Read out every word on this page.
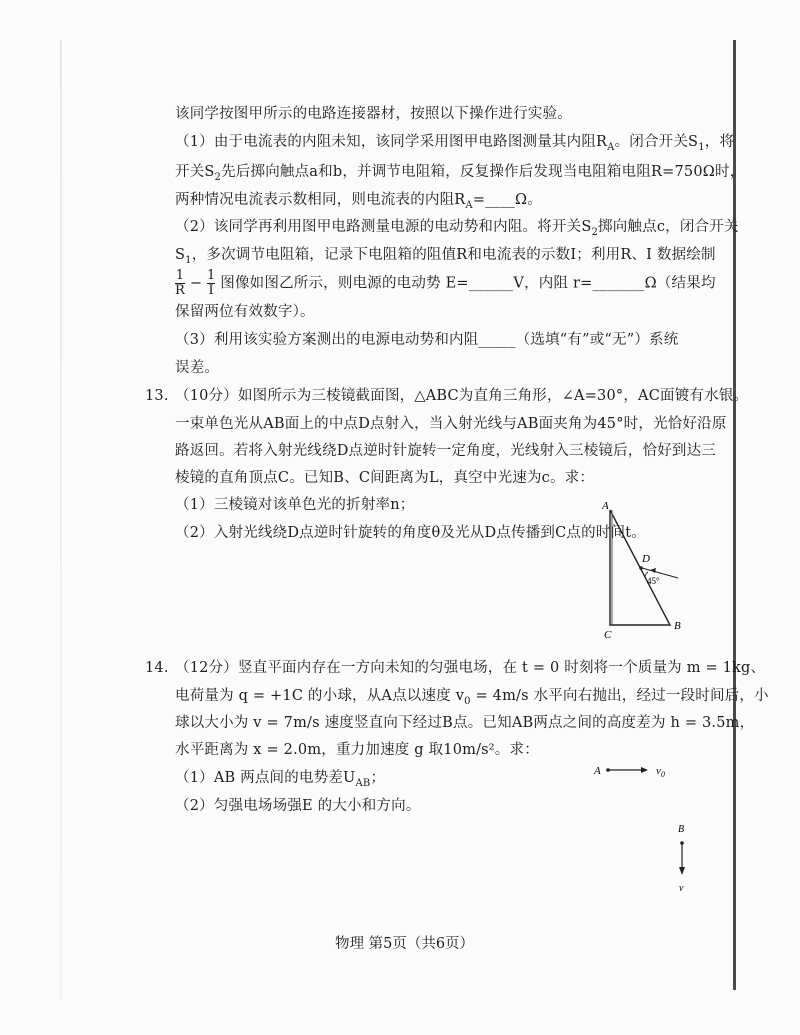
该同学按图甲所示的电路连接器材，按照以下操作进行实验。
（1）由于电流表的内阻未知，该同学采用图甲电路图测量其内阻$R_A$。闭合开关$S_1$，将
开关$S_2$先后掷向触点a和b，并调节电阻箱，反复操作后发现当电阻箱电阻R=750Ω时，
两种情况电流表示数相同，则电流表的内阻$R_A=\_\_\_\_\Omega$。
（2）该同学再利用图甲电路测量电源的电动势和内阻。将开关$S_2$掷向触点c，闭合开关
$S_1$，多次调节电阻箱，记录下电阻箱的阻值R和电流表的示数I；利用R、I 数据绘制
$\frac{1}{R} - \frac{1}{I}$ 图像如图乙所示，则电源的电动势 E=______V，内阻 r=_______Ω（结果均
保留两位有效数字）。
（3）利用该实验方案测出的电源电动势和内阻_____（选填“有”或“无”）系统
误差。
13. （10分）如图所示为三棱镜截面图，△ABC为直角三角形，∠A=30°，AC面镀有水银。
一束单色光从AB面上的中点D点射入，当入射光线与AB面夹角为45°时，光恰好沿原
路返回。若将入射光线绕D点逆时针旋转一定角度，光线射入三棱镜后，恰好到达三
棱镜的直角顶点C。已知B、C间距离为L，真空中光速为c。求：
（1）三棱镜对该单色光的折射率n；
（2）入射光线绕D点逆时针旋转的角度θ及光从D点传播到C点的时间t。
A
B
C
D
45°
14. （12分）竖直平面内存在一方向未知的匀强电场，在 t = 0 时刻将一个质量为 m = 1kg、
电荷量为 q = +1C 的小球，从A点以速度 $v_0 = 4m/s$ 水平向右抛出，经过一段时间后，小
球以大小为 v = 7m/s 速度竖直向下经过B点。已知AB两点之间的高度差为 h = 3.5m，
水平距离为 x = 2.0m，重力加速度 g 取10m/s²。求：
（1）AB 两点间的电势差$U_{AB}$；
（2）匀强电场场强E 的大小和方向。
A	$v_0$
B
v
物理 第5页（共6页）
